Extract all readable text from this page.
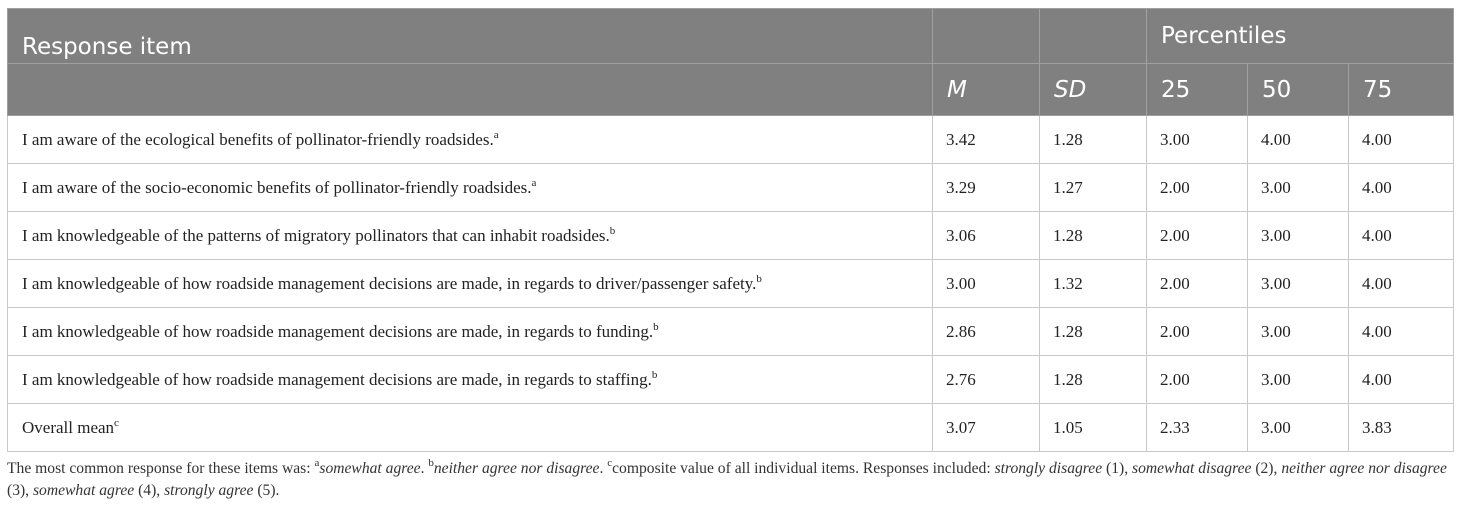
Response item			Percentiles		
	M	SD	25	50	75
I am aware of the ecological benefits of pollinator-friendly roadsides.$^a$	3.42	1.28	3.00	4.00	4.00
I am aware of the socio-economic benefits of pollinator-friendly roadsides.$^a$	3.29	1.27	2.00	3.00	4.00
I am knowledgeable of the patterns of migratory pollinators that can inhabit roadsides.$^b$	3.06	1.28	2.00	3.00	4.00
I am knowledgeable of how roadside management decisions are made, in regards to driver/passenger safety.$^b$	3.00	1.32	2.00	3.00	4.00
I am knowledgeable of how roadside management decisions are made, in regards to funding.$^b$	2.86	1.28	2.00	3.00	4.00
I am knowledgeable of how roadside management decisions are made, in regards to staffing.$^b$	2.76	1.28	2.00	3.00	4.00
Overall mean$^c$	3.07	1.05	2.33	3.00	3.83
The most common response for these items was: $^a$somewhat agree. $^b$neither agree nor disagree. $^c$composite value of all individual items. Responses included: strongly disagree (1), somewhat disagree (2), neither agree nor disagree (3), somewhat agree (4), strongly agree (5).
